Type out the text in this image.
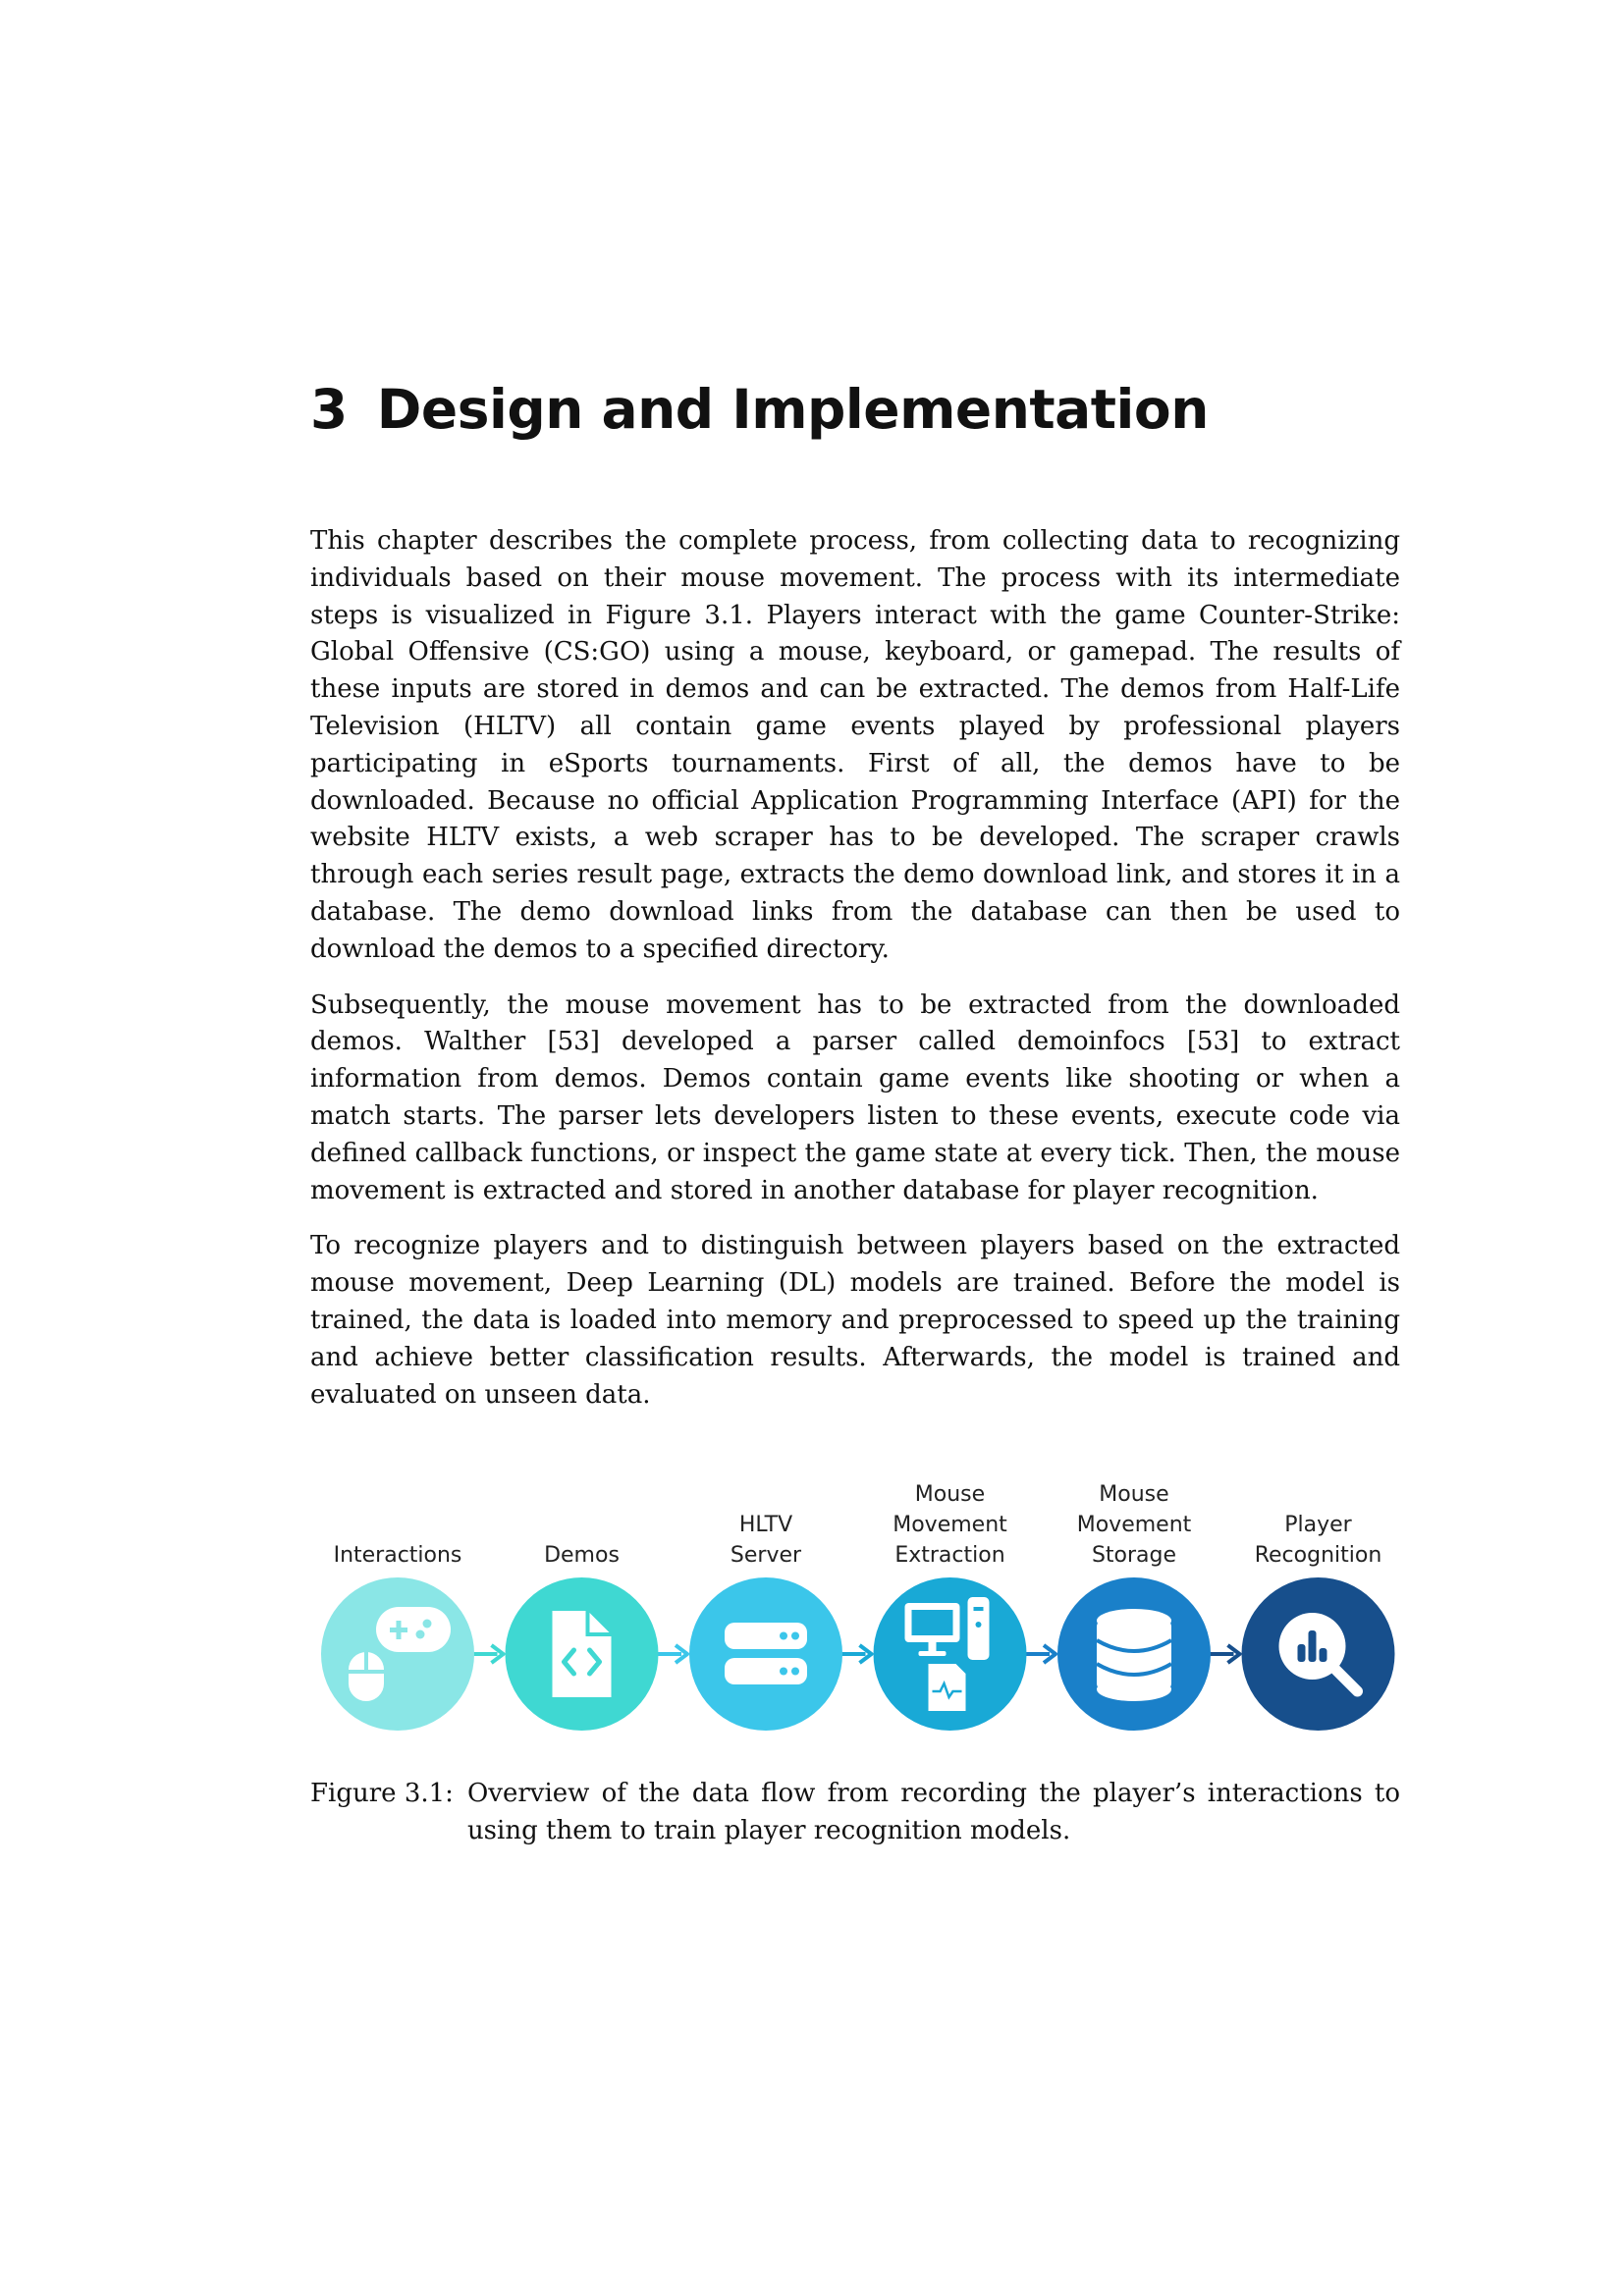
3 Design and Implementation

This chapter describes the complete process, from collecting data to recognizing individuals based on their mouse movement. The process with its intermediate steps is visualized in Figure 3.1. Players interact with the game Counter-Strike: Global Offensive (CS:GO) using a mouse, keyboard, or gamepad. The results of these inputs are stored in demos and can be extracted. The demos from Half-Life Television (HLTV) all contain game events played by professional players participating in eSports tournaments. First of all, the demos have to be downloaded. Because no official Application Programming Interface (API) for the website HLTV exists, a web scraper has to be developed. The scraper crawls through each series result page, extracts the demo download link, and stores it in a database. The demo download links from the database can then be used to download the demos to a specified directory.

Subsequently, the mouse movement has to be extracted from the downloaded demos. Walther [53] developed a parser called demoinfocs [53] to extract information from demos. Demos contain game events like shooting or when a match starts. The parser lets developers listen to these events, execute code via defined callback functions, or inspect the game state at every tick. Then, the mouse movement is extracted and stored in another database for player recognition.

To recognize players and to distinguish between players based on the extracted mouse movement, Deep Learning (DL) models are trained. Before the model is trained, the data is loaded into memory and preprocessed to speed up the training and achieve better classification results. Afterwards, the model is trained and evaluated on unseen data.

Interactions	Demos
HLTV
Server
Mouse
Movement
Extraction
Mouse
Movement
Storage
Player
Recognition
Figure 3.1: Overview of the data flow from recording the player’s interactions to using them to train player recognition models.
